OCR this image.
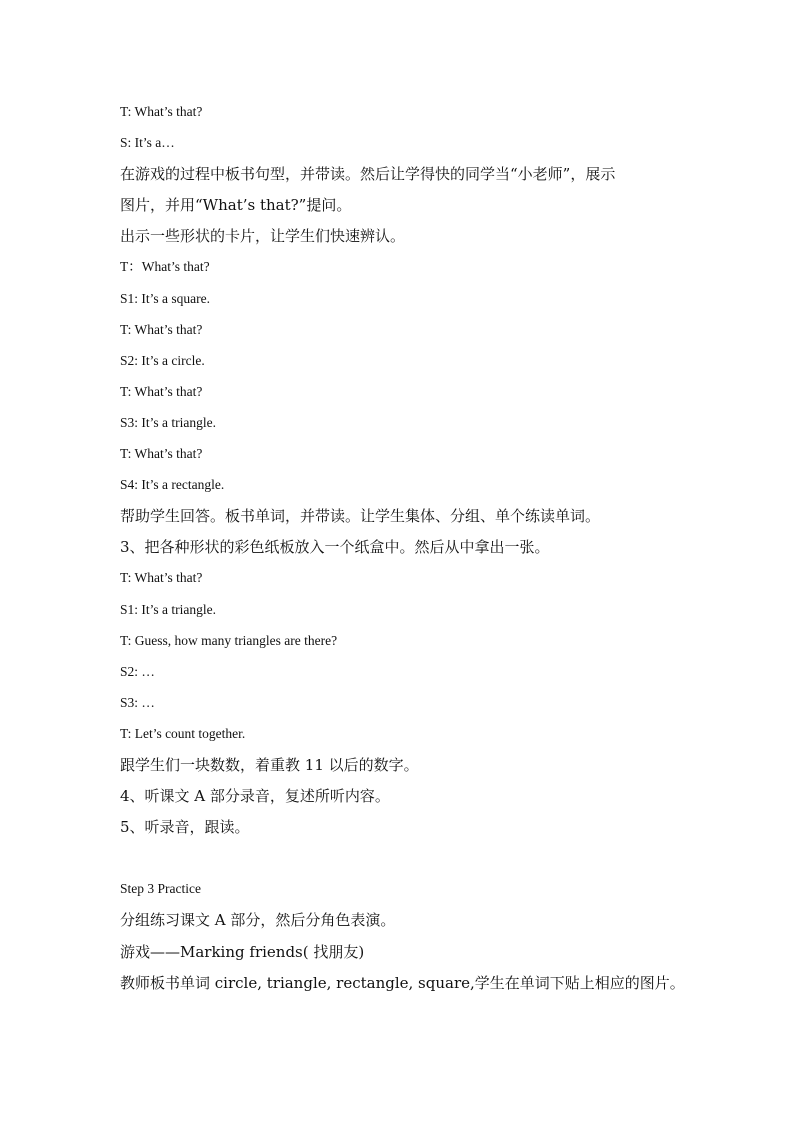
T: What’s that?
S: It’s a…
在游戏的过程中板书句型，并带读。然后让学得快的同学当“小老师”，展示
图片，并用“What’s that?”提问。
出示一些形状的卡片，让学生们快速辨认。
T：What’s that?
S1: It’s a square.
T: What’s that?
S2: It’s a circle.
T: What’s that?
S3: It’s a triangle.
T: What’s that?
S4: It’s a rectangle.
帮助学生回答。板书单词，并带读。让学生集体、分组、单个练读单词。
3、把各种形状的彩色纸板放入一个纸盒中。然后从中拿出一张。
T: What’s that?
S1: It’s a triangle.
T: Guess, how many triangles are there?
S2: …
S3: …
T: Let’s count together.
跟学生们一块数数，着重教 11 以后的数字。
4、听课文 A 部分录音，复述所听内容。
5、听录音，跟读。
Step 3 Practice
分组练习课文 A 部分，然后分角色表演。
游戏——Marking friends( 找朋友)
教师板书单词 circle, triangle, rectangle, square,学生在单词下贴上相应的图片。
